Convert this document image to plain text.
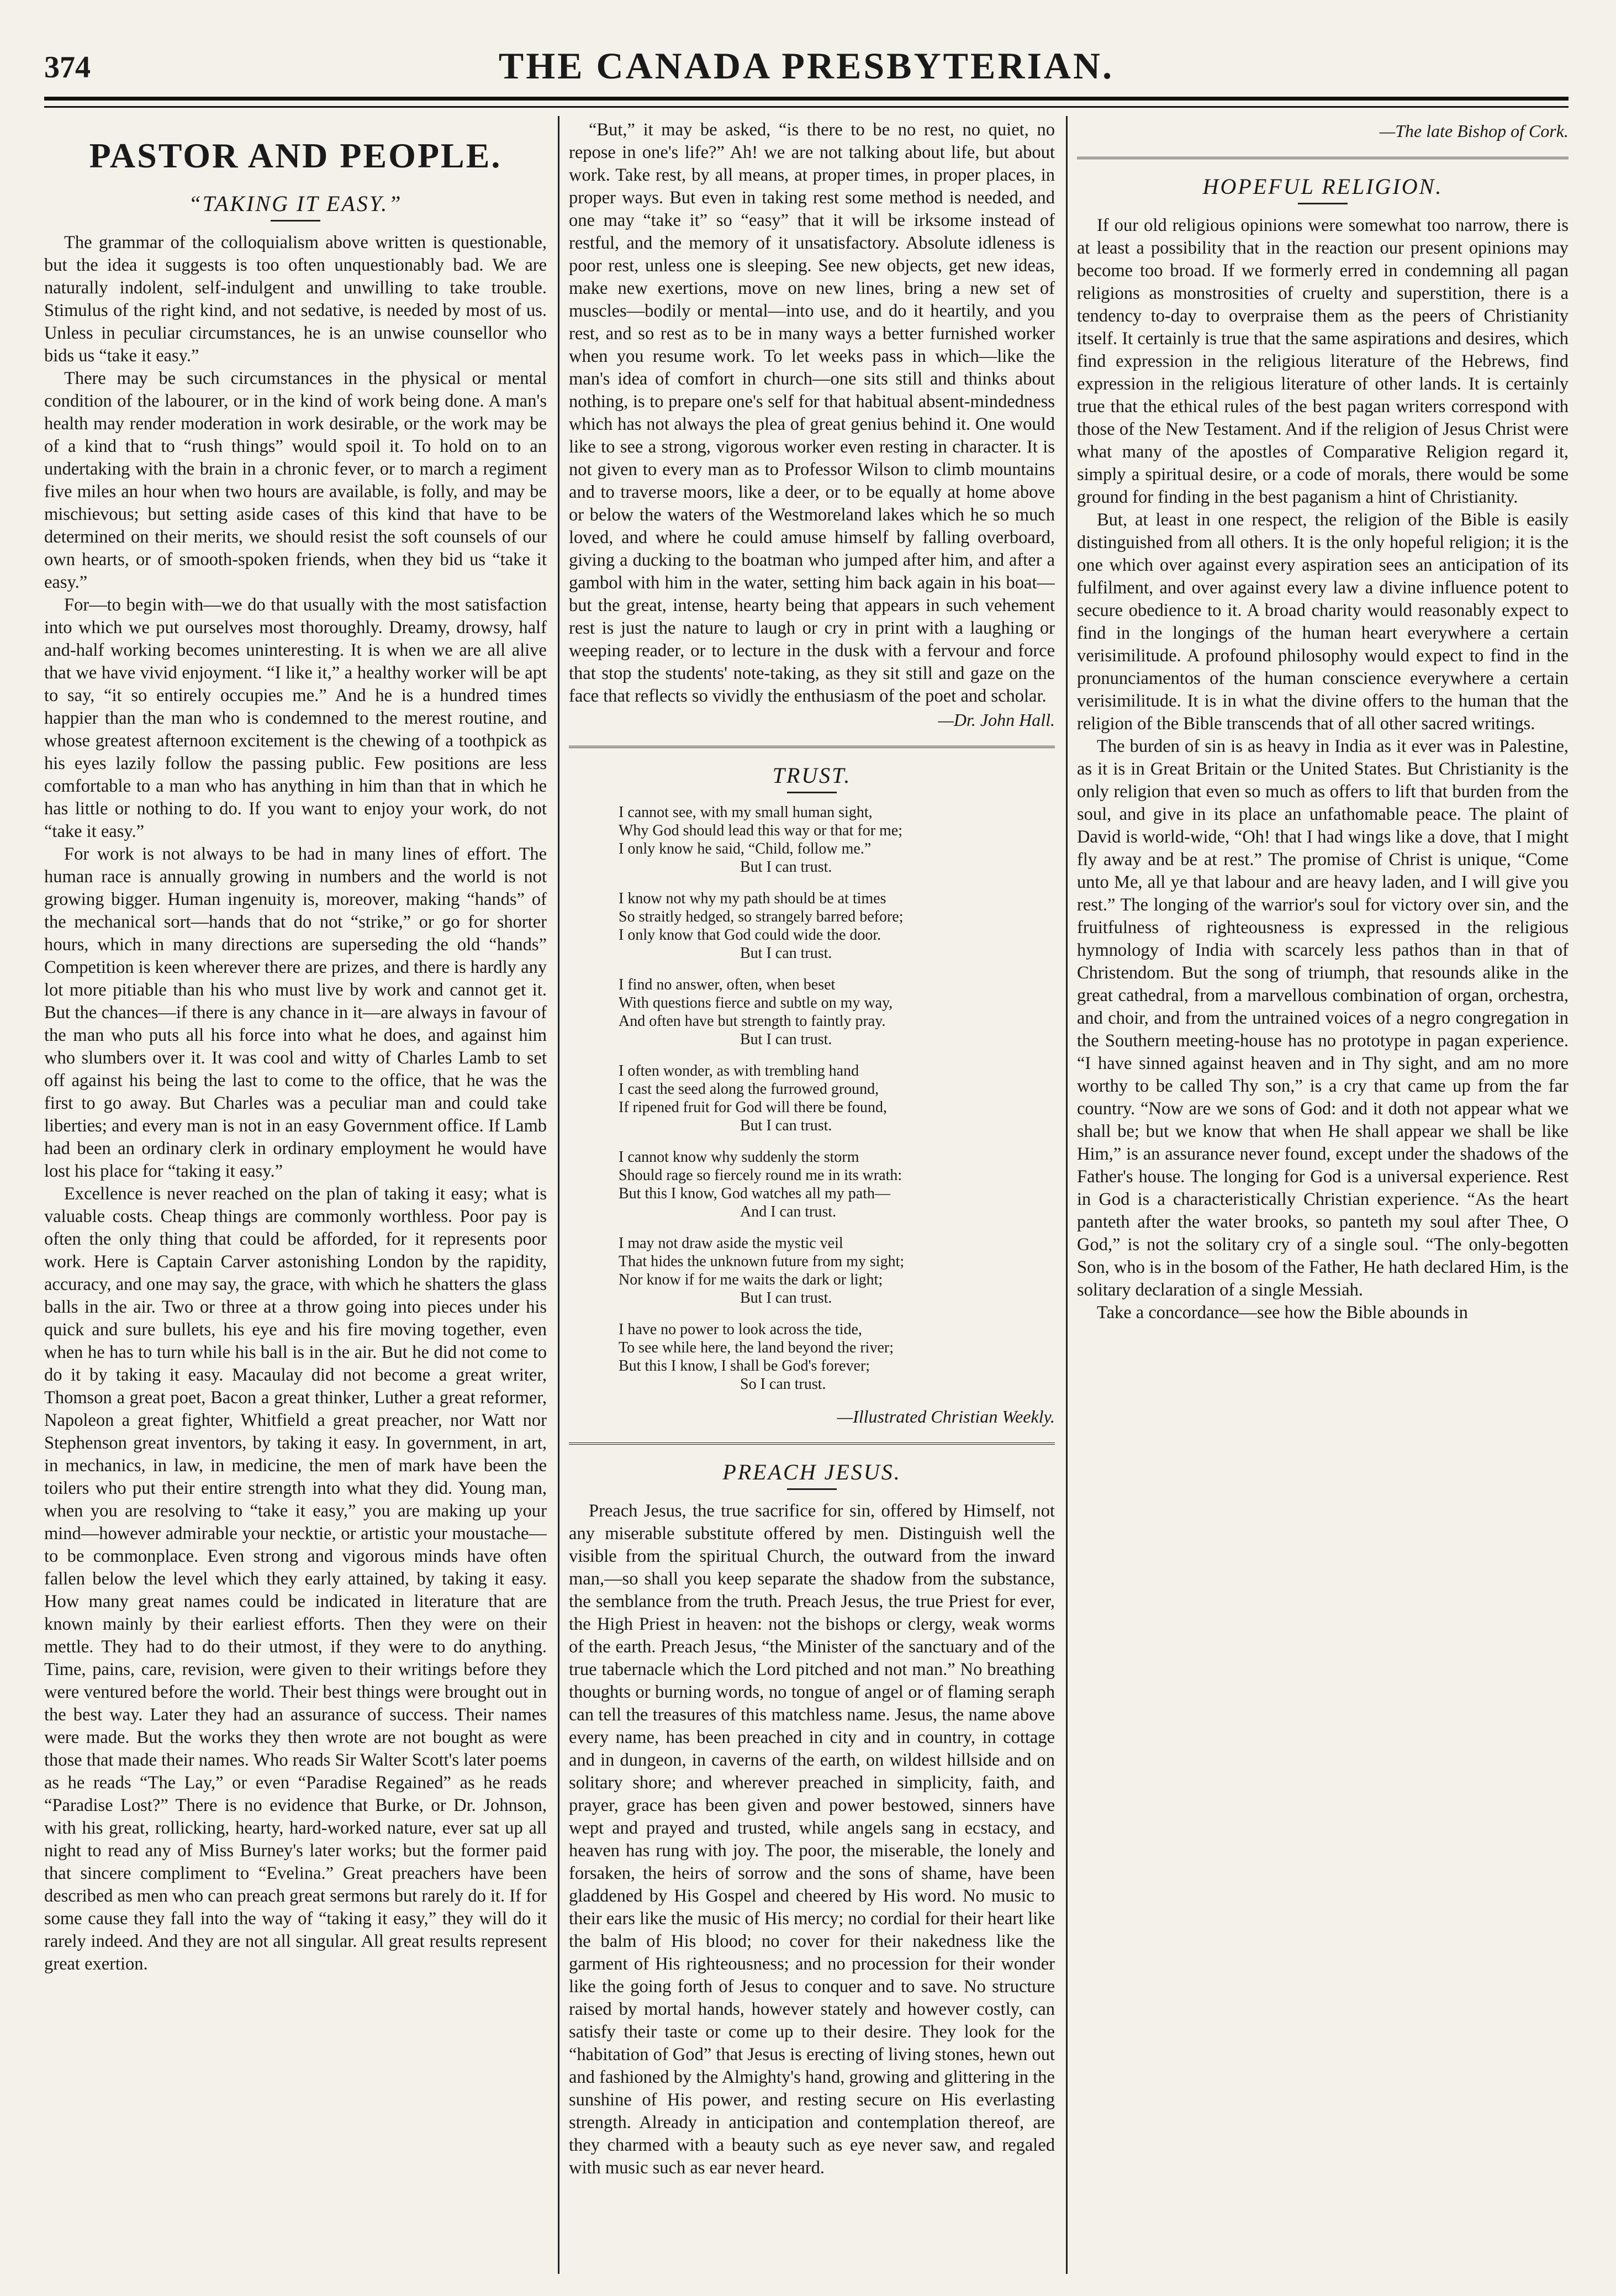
374	THE CANADA PRESBYTERIAN.
PASTOR AND PEOPLE.
“TAKING IT EASY.”

The grammar of the colloquialism above written is questionable, but the idea it suggests is too often unquestionably bad. We are naturally indolent, self-indulgent and unwilling to take trouble. Stimulus of the right kind, and not sedative, is needed by most of us. Unless in peculiar circumstances, he is an unwise counsellor who bids us “take it easy.”

There may be such circumstances in the physical or mental condition of the labourer, or in the kind of work being done. A man's health may render moderation in work desirable, or the work may be of a kind that to “rush things” would spoil it. To hold on to an undertaking with the brain in a chronic fever, or to march a regiment five miles an hour when two hours are available, is folly, and may be mischievous; but setting aside cases of this kind that have to be determined on their merits, we should resist the soft counsels of our own hearts, or of smooth-spoken friends, when they bid us “take it easy.”

For—to begin with—we do that usually with the most satisfaction into which we put ourselves most thoroughly. Dreamy, drowsy, half and-half working becomes uninteresting. It is when we are all alive that we have vivid enjoyment. “I like it,” a healthy worker will be apt to say, “it so entirely occupies me.” And he is a hundred times happier than the man who is condemned to the merest routine, and whose greatest afternoon excitement is the chewing of a toothpick as his eyes lazily follow the passing public. Few positions are less comfortable to a man who has anything in him than that in which he has little or nothing to do. If you want to enjoy your work, do not “take it easy.”

For work is not always to be had in many lines of effort. The human race is annually growing in numbers and the world is not growing bigger. Human ingenuity is, moreover, making “hands” of the mechanical sort—hands that do not “strike,” or go for shorter hours, which in many directions are superseding the old “hands” Competition is keen wherever there are prizes, and there is hardly any lot more pitiable than his who must live by work and cannot get it. But the chances—if there is any chance in it—are always in favour of the man who puts all his force into what he does, and against him who slumbers over it. It was cool and witty of Charles Lamb to set off against his being the last to come to the office, that he was the first to go away. But Charles was a peculiar man and could take liberties; and every man is not in an easy Government office. If Lamb had been an ordinary clerk in ordinary employment he would have lost his place for “taking it easy.”

Excellence is never reached on the plan of taking it easy; what is valuable costs. Cheap things are commonly worthless. Poor pay is often the only thing that could be afforded, for it represents poor work. Here is Captain Carver astonishing London by the rapidity, accuracy, and one may say, the grace, with which he shatters the glass balls in the air. Two or three at a throw going into pieces under his quick and sure bullets, his eye and his fire moving together, even when he has to turn while his ball is in the air. But he did not come to do it by taking it easy. Macaulay did not become a great writer, Thomson a great poet, Bacon a great thinker, Luther a great reformer, Napoleon a great fighter, Whitfield a great preacher, nor Watt nor Stephenson great inventors, by taking it easy. In government, in art, in mechanics, in law, in medicine, the men of mark have been the toilers who put their entire strength into what they did. Young man, when you are resolving to “take it easy,” you are making up your mind—however admirable your necktie, or artistic your moustache—to be commonplace. Even strong and vigorous minds have often fallen below the level which they early attained, by taking it easy. How many great names could be indicated in literature that are known mainly by their earliest efforts. Then they were on their mettle. They had to do their utmost, if they were to do anything. Time, pains, care, revision, were given to their writings before they were ventured before the world. Their best things were brought out in the best way. Later they had an assurance of success. Their names were made. But the works they then wrote are not bought as were those that made their names. Who reads Sir Walter Scott's later poems as he reads “The Lay,” or even “Paradise Regained” as he reads “Paradise Lost?” There is no evidence that Burke, or Dr. Johnson, with his great, rollicking, hearty, hard-worked nature, ever sat up all night to read any of Miss Burney's later works; but the former paid that sincere compliment to “Evelina.” Great preachers have been described as men who can preach great sermons but rarely do it. If for some cause they fall into the way of “taking it easy,” they will do it rarely indeed. And they are not all singular. All great results represent great exertion.

“But,” it may be asked, “is there to be no rest, no quiet, no repose in one's life?” Ah! we are not talking about life, but about work. Take rest, by all means, at proper times, in proper places, in proper ways. But even in taking rest some method is needed, and one may “take it” so “easy” that it will be irksome instead of restful, and the memory of it unsatisfactory. Absolute idleness is poor rest, unless one is sleeping. See new objects, get new ideas, make new exertions, move on new lines, bring a new set of muscles—bodily or mental—into use, and do it heartily, and you rest, and so rest as to be in many ways a better furnished worker when you resume work. To let weeks pass in which—like the man's idea of comfort in church—one sits still and thinks about nothing, is to prepare one's self for that habitual absent-mindedness which has not always the plea of great genius behind it. One would like to see a strong, vigorous worker even resting in character. It is not given to every man as to Professor Wilson to climb mountains and to traverse moors, like a deer, or to be equally at home above or below the waters of the Westmoreland lakes which he so much loved, and where he could amuse himself by falling overboard, giving a ducking to the boatman who jumped after him, and after a gambol with him in the water, setting him back again in his boat—but the great, intense, hearty being that appears in such vehement rest is just the nature to laugh or cry in print with a laughing or weeping reader, or to lecture in the dusk with a fervour and force that stop the students' note-taking, as they sit still and gaze on the face that reflects so vividly the enthusiasm of the poet and scholar.

—Dr. John Hall.
TRUST.
I cannot see, with my small human sight,
Why God should lead this way or that for me;
I only know he said, “Child, follow me.”
But I can trust.
I know not why my path should be at times
So straitly hedged, so strangely barred before;
I only know that God could wide the door.
But I can trust.
I find no answer, often, when beset
With questions fierce and subtle on my way,
And often have but strength to faintly pray.
But I can trust.
I often wonder, as with trembling hand
I cast the seed along the furrowed ground,
If ripened fruit for God will there be found,
But I can trust.
I cannot know why suddenly the storm
Should rage so fiercely round me in its wrath:
But this I know, God watches all my path—
And I can trust.
I may not draw aside the mystic veil
That hides the unknown future from my sight;
Nor know if for me waits the dark or light;
But I can trust.
I have no power to look across the tide,
To see while here, the land beyond the river;
But this I know, I shall be God's forever;
So I can trust.
—Illustrated Christian Weekly.
PREACH JESUS.

Preach Jesus, the true sacrifice for sin, offered by Himself, not any miserable substitute offered by men. Distinguish well the visible from the spiritual Church, the outward from the inward man,—so shall you keep separate the shadow from the substance, the semblance from the truth. Preach Jesus, the true Priest for ever, the High Priest in heaven: not the bishops or clergy, weak worms of the earth. Preach Jesus, “the Minister of the sanctuary and of the true tabernacle which the Lord pitched and not man.” No breathing thoughts or burning words, no tongue of angel or of flaming seraph can tell the treasures of this matchless name. Jesus, the name above every name, has been preached in city and in country, in cottage and in dungeon, in caverns of the earth, on wildest hillside and on solitary shore; and wherever preached in simplicity, faith, and prayer, grace has been given and power bestowed, sinners have wept and prayed and trusted, while angels sang in ecstacy, and heaven has rung with joy. The poor, the miserable, the lonely and forsaken, the heirs of sorrow and the sons of shame, have been gladdened by His Gospel and cheered by His word. No music to their ears like the music of His mercy; no cordial for their heart like the balm of His blood; no cover for their nakedness like the garment of His righteousness; and no procession for their wonder like the going forth of Jesus to conquer and to save. No structure raised by mortal hands, however stately and however costly, can satisfy their taste or come up to their desire. They look for the “habitation of God” that Jesus is erecting of living stones, hewn out and fashioned by the Almighty's hand, growing and glittering in the sunshine of His power, and resting secure on His everlasting strength. Already in anticipation and contemplation thereof, are they charmed with a beauty such as eye never saw, and regaled with music such as ear never heard.

—The late Bishop of Cork.
HOPEFUL RELIGION.

If our old religious opinions were somewhat too narrow, there is at least a possibility that in the reaction our present opinions may become too broad. If we formerly erred in condemning all pagan religions as monstrosities of cruelty and superstition, there is a tendency to-day to overpraise them as the peers of Christianity itself. It certainly is true that the same aspirations and desires, which find expression in the religious literature of the Hebrews, find expression in the religious literature of other lands. It is certainly true that the ethical rules of the best pagan writers correspond with those of the New Testament. And if the religion of Jesus Christ were what many of the apostles of Comparative Religion regard it, simply a spiritual desire, or a code of morals, there would be some ground for finding in the best paganism a hint of Christianity.

But, at least in one respect, the religion of the Bible is easily distinguished from all others. It is the only hopeful religion; it is the one which over against every aspiration sees an anticipation of its fulfilment, and over against every law a divine influence potent to secure obedience to it. A broad charity would reasonably expect to find in the longings of the human heart everywhere a certain verisimilitude. A profound philosophy would expect to find in the pronunciamentos of the human conscience everywhere a certain verisimilitude. It is in what the divine offers to the human that the religion of the Bible transcends that of all other sacred writings.

The burden of sin is as heavy in India as it ever was in Palestine, as it is in Great Britain or the United States. But Christianity is the only religion that even so much as offers to lift that burden from the soul, and give in its place an unfathomable peace. The plaint of David is world-wide, “Oh! that I had wings like a dove, that I might fly away and be at rest.” The promise of Christ is unique, “Come unto Me, all ye that labour and are heavy laden, and I will give you rest.” The longing of the warrior's soul for victory over sin, and the fruitfulness of righteousness is expressed in the religious hymnology of India with scarcely less pathos than in that of Christendom. But the song of triumph, that resounds alike in the great cathedral, from a marvellous combination of organ, orchestra, and choir, and from the untrained voices of a negro congregation in the Southern meeting-house has no prototype in pagan experience. “I have sinned against heaven and in Thy sight, and am no more worthy to be called Thy son,” is a cry that came up from the far country. “Now are we sons of God: and it doth not appear what we shall be; but we know that when He shall appear we shall be like Him,” is an assurance never found, except under the shadows of the Father's house. The longing for God is a universal experience. Rest in God is a characteristically Christian experience. “As the heart panteth after the water brooks, so panteth my soul after Thee, O God,” is not the solitary cry of a single soul. “The only-begotten Son, who is in the bosom of the Father, He hath declared Him, is the solitary declaration of a single Messiah.

Take a concordance—see how the Bible abounds in
